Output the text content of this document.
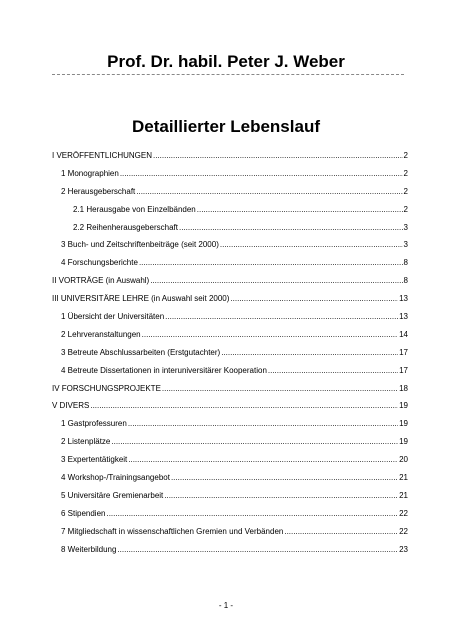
Prof. Dr. habil. Peter J. Weber
Detaillierter Lebenslauf
I VERÖFFENTLICHUNGEN .....	2
1 Monographien .....	2
2 Herausgeberschaft .....	2
2.1 Herausgabe von Einzelbänden .....	2
2.2 Reihenherausgeberschaft .....	3
3 Buch- und Zeitschriftenbeiträge (seit 2000) .....	3
4 Forschungsberichte .....	8
II VORTRÄGE (in Auswahl) .....	8
III UNIVERSITÄRE LEHRE (in Auswahl seit 2000) .....	13
1 Übersicht der Universitäten .....	13
2 Lehrveranstaltungen .....	14
3 Betreute Abschlussarbeiten (Erstgutachter) .....	17
4 Betreute Dissertationen in interuniversitärer Kooperation .....	17
IV FORSCHUNGSPROJEKTE .....	18
V DIVERS .....	19
1 Gastprofessuren .....	19
2 Listenplätze .....	19
3 Expertentätigkeit .....	20
4 Workshop-/Trainingsangebot .....	21
5 Universitäre Gremienarbeit .....	21
6 Stipendien .....	22
7 Mitgliedschaft in wissenschaftlichen Gremien und Verbänden .....	22
8 Weiterbildung .....	23
- 1 -
